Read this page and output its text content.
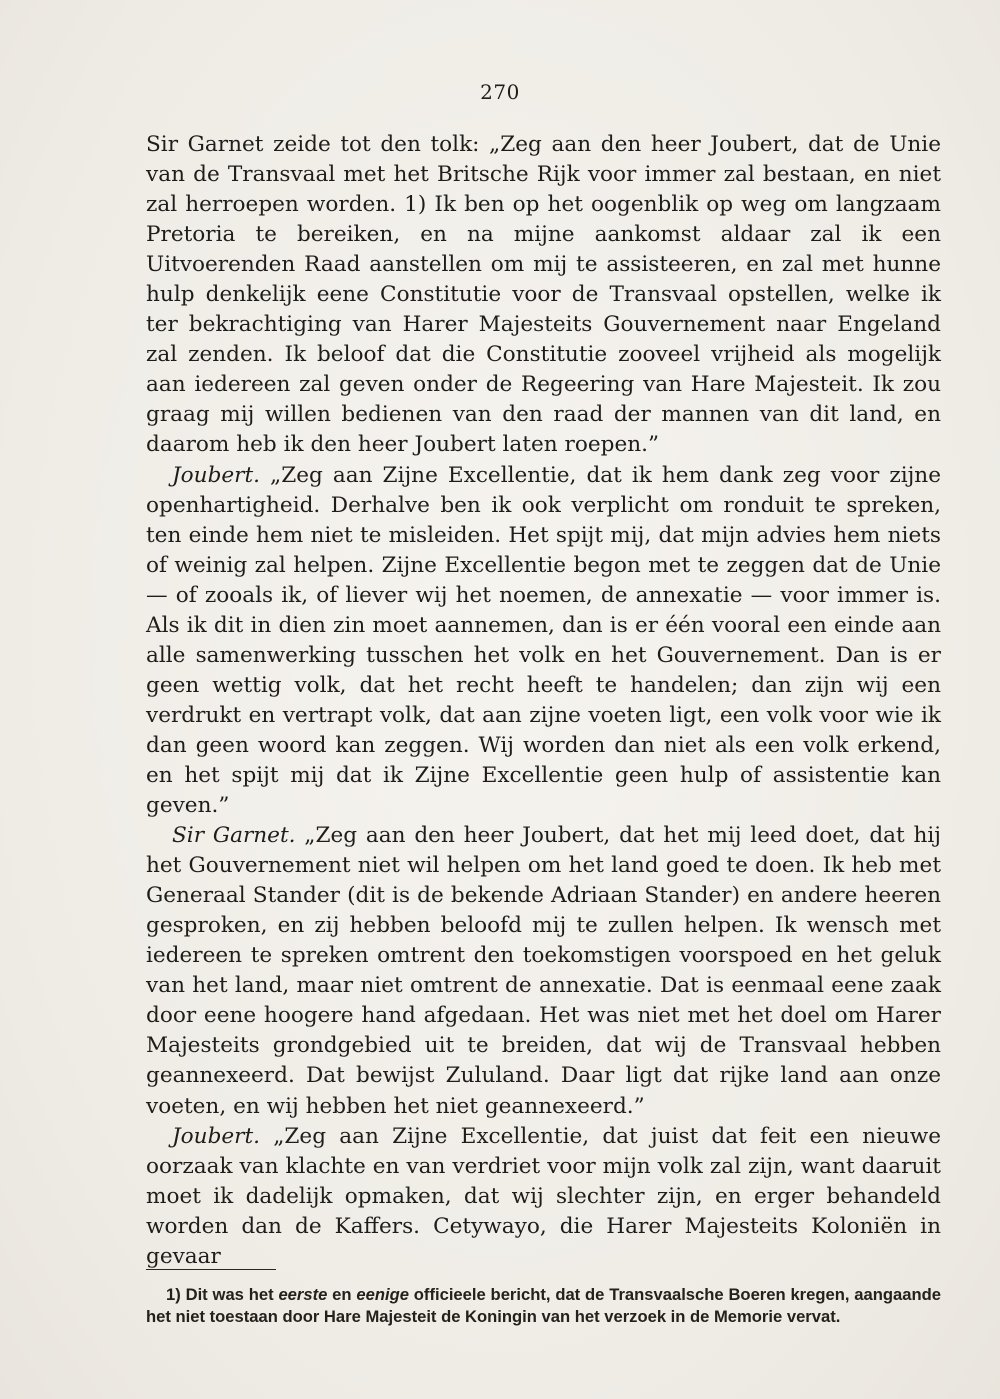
270

Sir Garnet zeide tot den tolk: „Zeg aan den heer Joubert, dat de Unie van de Transvaal met het Britsche Rijk voor immer zal bestaan, en niet zal herroepen worden. 1) Ik ben op het oogenblik op weg om langzaam Pretoria te bereiken, en na mijne aankomst aldaar zal ik een Uitvoerenden Raad aanstellen om mij te assisteeren, en zal met hunne hulp denkelijk eene Constitutie voor de Transvaal opstellen, welke ik ter bekrachtiging van Harer Majesteits Gouvernement naar Engeland zal zenden. Ik beloof dat die Constitutie zooveel vrijheid als mogelijk aan iedereen zal geven onder de Regeering van Hare Majesteit. Ik zou graag mij willen bedienen van den raad der mannen van dit land, en daarom heb ik den heer Joubert laten roepen.”

Joubert. „Zeg aan Zijne Excellentie, dat ik hem dank zeg voor zijne openhartigheid. Derhalve ben ik ook verplicht om ronduit te spreken, ten einde hem niet te misleiden. Het spijt mij, dat mijn advies hem niets of weinig zal helpen. Zijne Excellentie begon met te zeggen dat de Unie — of zooals ik, of liever wij het noemen, de annexatie — voor immer is. Als ik dit in dien zin moet aannemen, dan is er één vooral een einde aan alle samenwerking tusschen het volk en het Gouvernement. Dan is er geen wettig volk, dat het recht heeft te handelen; dan zijn wij een verdrukt en vertrapt volk, dat aan zijne voeten ligt, een volk voor wie ik dan geen woord kan zeggen. Wij worden dan niet als een volk erkend, en het spijt mij dat ik Zijne Excellentie geen hulp of assistentie kan geven.”

Sir Garnet. „Zeg aan den heer Joubert, dat het mij leed doet, dat hij het Gouvernement niet wil helpen om het land goed te doen. Ik heb met Generaal Stander (dit is de bekende Adriaan Stander) en andere heeren gesproken, en zij hebben beloofd mij te zullen helpen. Ik wensch met iedereen te spreken omtrent den toekomstigen voorspoed en het geluk van het land, maar niet omtrent de annexatie. Dat is eenmaal eene zaak door eene hoogere hand afgedaan. Het was niet met het doel om Harer Majesteits grondgebied uit te breiden, dat wij de Transvaal hebben geannexeerd. Dat bewijst Zululand. Daar ligt dat rijke land aan onze voeten, en wij hebben het niet geannexeerd.”

Joubert. „Zeg aan Zijne Excellentie, dat juist dat feit een nieuwe oorzaak van klachte en van verdriet voor mijn volk zal zijn, want daaruit moet ik dadelijk opmaken, dat wij slechter zijn, en erger behandeld worden dan de Kaffers. Cetywayo, die Harer Majesteits Koloniën in gevaar

1) Dit was het eerste en eenige officieele bericht, dat de Transvaalsche Boeren kregen, aangaande het niet toestaan door Hare Majesteit de Koningin van het verzoek in de Memorie vervat.
